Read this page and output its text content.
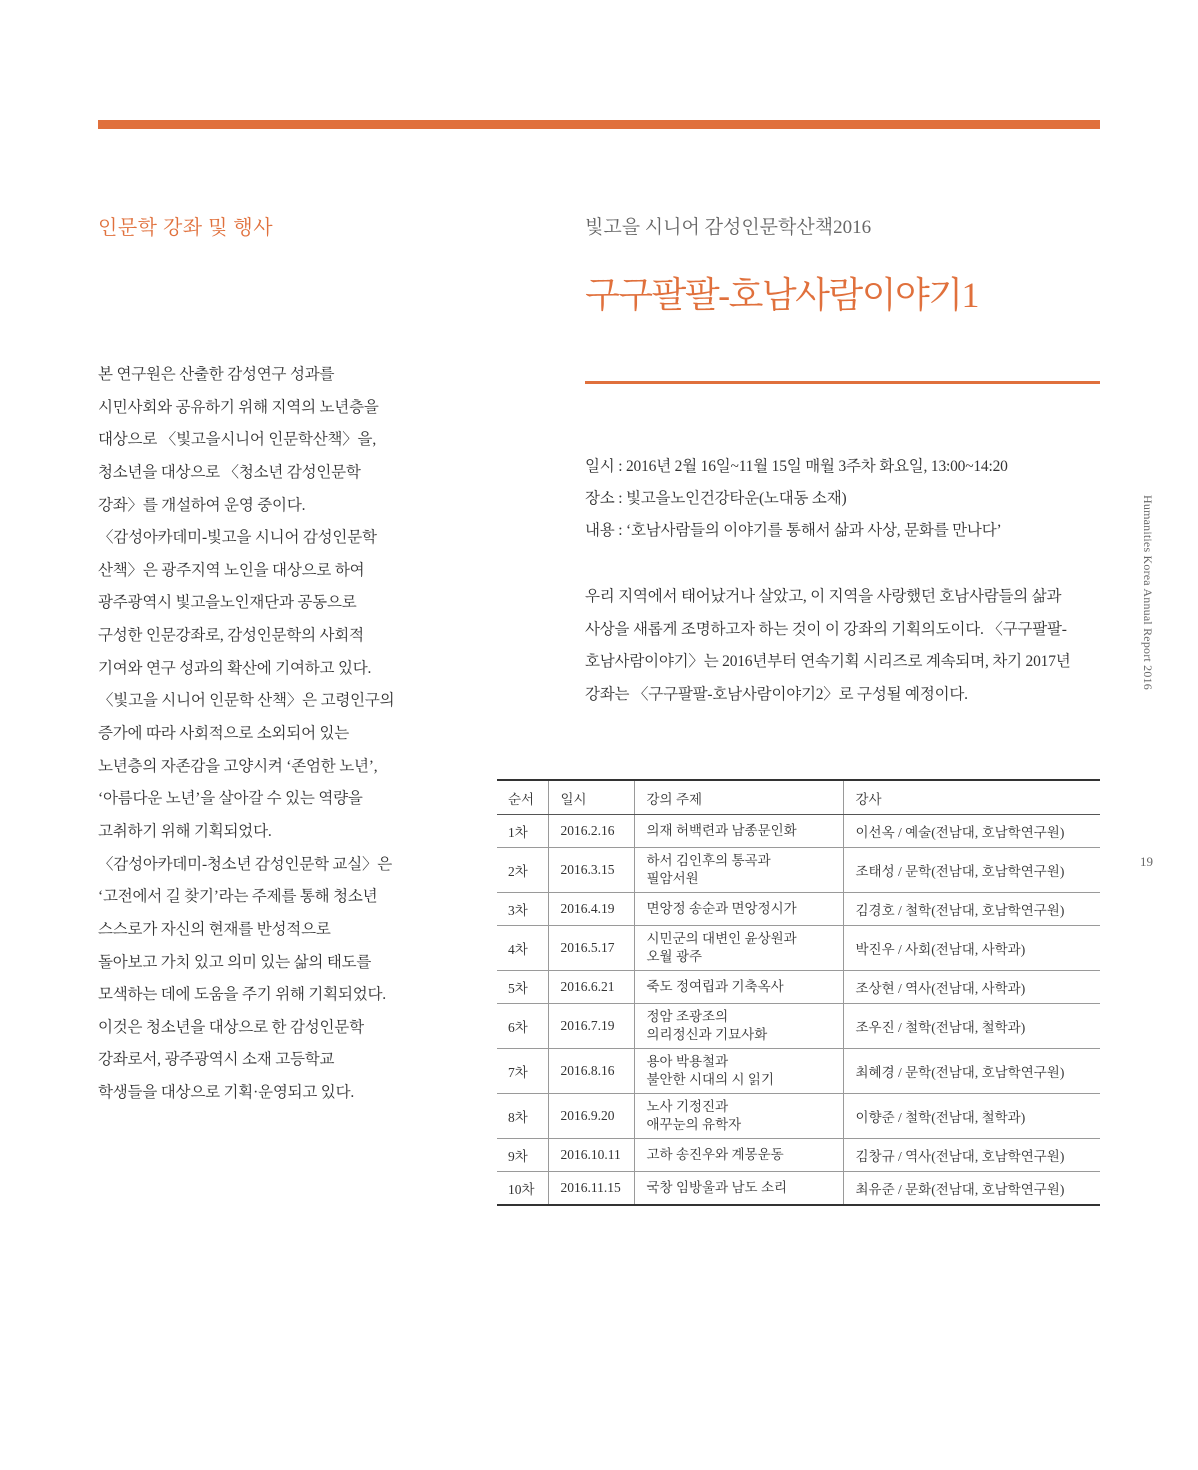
인문학 강좌 및 행사	빛고을 시니어 감성인문학산책2016
구구팔팔-호남사람이야기1
본 연구원은 산출한 감성연구 성과를
시민사회와 공유하기 위해 지역의 노년층을
대상으로 〈빛고을시니어 인문학산책〉을,
청소년을 대상으로 〈청소년 감성인문학
강좌〉를 개설하여 운영 중이다.
〈감성아카데미-빛고을 시니어 감성인문학
산책〉은 광주지역 노인을 대상으로 하여
광주광역시 빛고을노인재단과 공동으로
구성한 인문강좌로, 감성인문학의 사회적
기여와 연구 성과의 확산에 기여하고 있다.
〈빛고을 시니어 인문학 산책〉은 고령인구의
증가에 따라 사회적으로 소외되어 있는
노년층의 자존감을 고양시켜 ‘존엄한 노년’,
‘아름다운 노년’을 살아갈 수 있는 역량을
고취하기 위해 기획되었다.
〈감성아카데미-청소년 감성인문학 교실〉은
‘고전에서 길 찾기’라는 주제를 통해 청소년
스스로가 자신의 현재를 반성적으로
돌아보고 가치 있고 의미 있는 삶의 태도를
모색하는 데에 도움을 주기 위해 기획되었다.
이것은 청소년을 대상으로 한 감성인문학
강좌로서, 광주광역시 소재 고등학교
학생들을 대상으로 기획·운영되고 있다.
일시 : 2016년 2월 16일~11월 15일 매월 3주차 화요일, 13:00~14:20
장소 : 빛고을노인건강타운(노대동 소재)
내용 : ‘호남사람들의 이야기를 통해서 삶과 사상, 문화를 만나다’
우리 지역에서 태어났거나 살았고, 이 지역을 사랑했던 호남사람들의 삶과
사상을 새롭게 조명하고자 하는 것이 이 강좌의 기획의도이다. 〈구구팔팔-
호남사람이야기〉는 2016년부터 연속기획 시리즈로 계속되며, 차기 2017년
강좌는 〈구구팔팔-호남사람이야기2〉로 구성될 예정이다.
Humanities Korea Annual Report 2016
19
순서	일시	강의 주제	강사
1차	2016.2.16	의재 허백련과 남종문인화	이선옥 / 예술(전남대, 호남학연구원)
2차	2016.3.15	하서 김인후의 통곡과
필암서원	조태성 / 문학(전남대, 호남학연구원)
3차	2016.4.19	면앙정 송순과 면앙정시가	김경호 / 철학(전남대, 호남학연구원)
4차	2016.5.17	시민군의 대변인 윤상원과
오월 광주	박진우 / 사회(전남대, 사학과)
5차	2016.6.21	죽도 정여립과 기축옥사	조상현 / 역사(전남대, 사학과)
6차	2016.7.19	정암 조광조의
의리정신과 기묘사화	조우진 / 철학(전남대, 철학과)
7차	2016.8.16	용아 박용철과
불안한 시대의 시 읽기	최혜경 / 문학(전남대, 호남학연구원)
8차	2016.9.20	노사 기정진과
애꾸눈의 유학자	이향준 / 철학(전남대, 철학과)
9차	2016.10.11	고하 송진우와 계몽운동	김창규 / 역사(전남대, 호남학연구원)
10차	2016.11.15	국창 임방울과 남도 소리	최유준 / 문화(전남대, 호남학연구원)
